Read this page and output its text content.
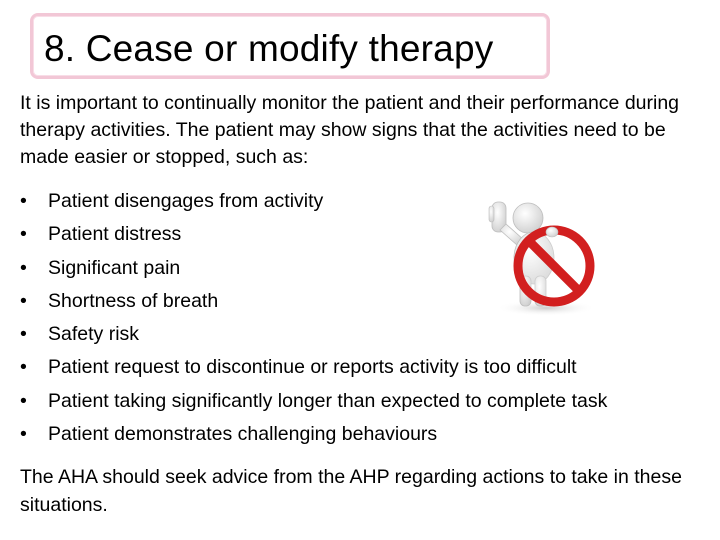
8. Cease or modify therapy
It is important to continually monitor the patient and their performance during therapy activities. The patient may show signs that the activities need to be made easier or stopped, such as:
• Patient disengages from activity
• Patient distress
• Significant pain
• Shortness of breath
• Safety risk
• Patient request to discontinue or reports activity is too difficult
• Patient taking significantly longer than expected to complete task
• Patient demonstrates challenging behaviours
The AHA should seek advice from the AHP regarding actions to take in these situations.
